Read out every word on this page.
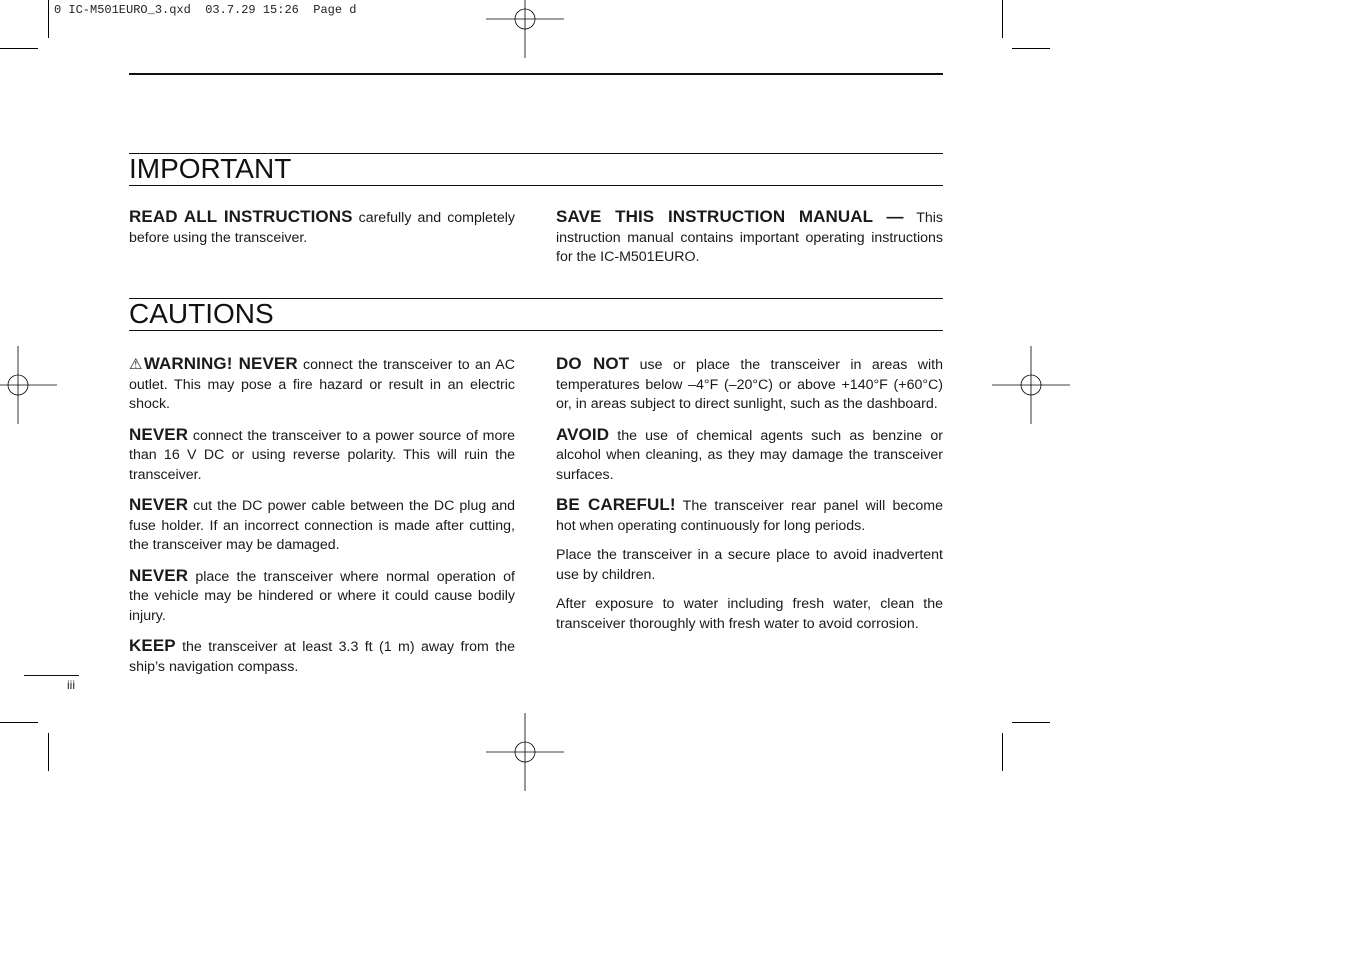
0 IC-M501EURO_3.qxd  03.7.29 15:26  Page d
IMPORTANT

READ ALL INSTRUCTIONS carefully and completely before using the transceiver.

SAVE THIS INSTRUCTION MANUAL — This instruction manual contains important operating instructions for the IC-M501EURO.

CAUTIONS

⚠WARNING! NEVER connect the transceiver to an AC outlet. This may pose a fire hazard or result in an electric shock.

NEVER connect the transceiver to a power source of more than 16 V DC or using reverse polarity. This will ruin the transceiver.

NEVER cut the DC power cable between the DC plug and fuse holder. If an incorrect connection is made after cutting, the transceiver may be damaged.

NEVER place the transceiver where normal operation of the vehicle may be hindered or where it could cause bodily injury.

KEEP the transceiver at least 3.3 ft (1 m) away from the ship’s navigation compass.

DO NOT use or place the transceiver in areas with temperatures below –4°F (–20°C) or above +140°F (+60°C) or, in areas subject to direct sunlight, such as the dashboard.

AVOID the use of chemical agents such as benzine or alcohol when cleaning, as they may damage the transceiver surfaces.

BE CAREFUL! The transceiver rear panel will become hot when operating continuously for long periods.

Place the transceiver in a secure place to avoid inadvertent use by children.

After exposure to water including fresh water, clean the transceiver thoroughly with fresh water to avoid corrosion.

iii
